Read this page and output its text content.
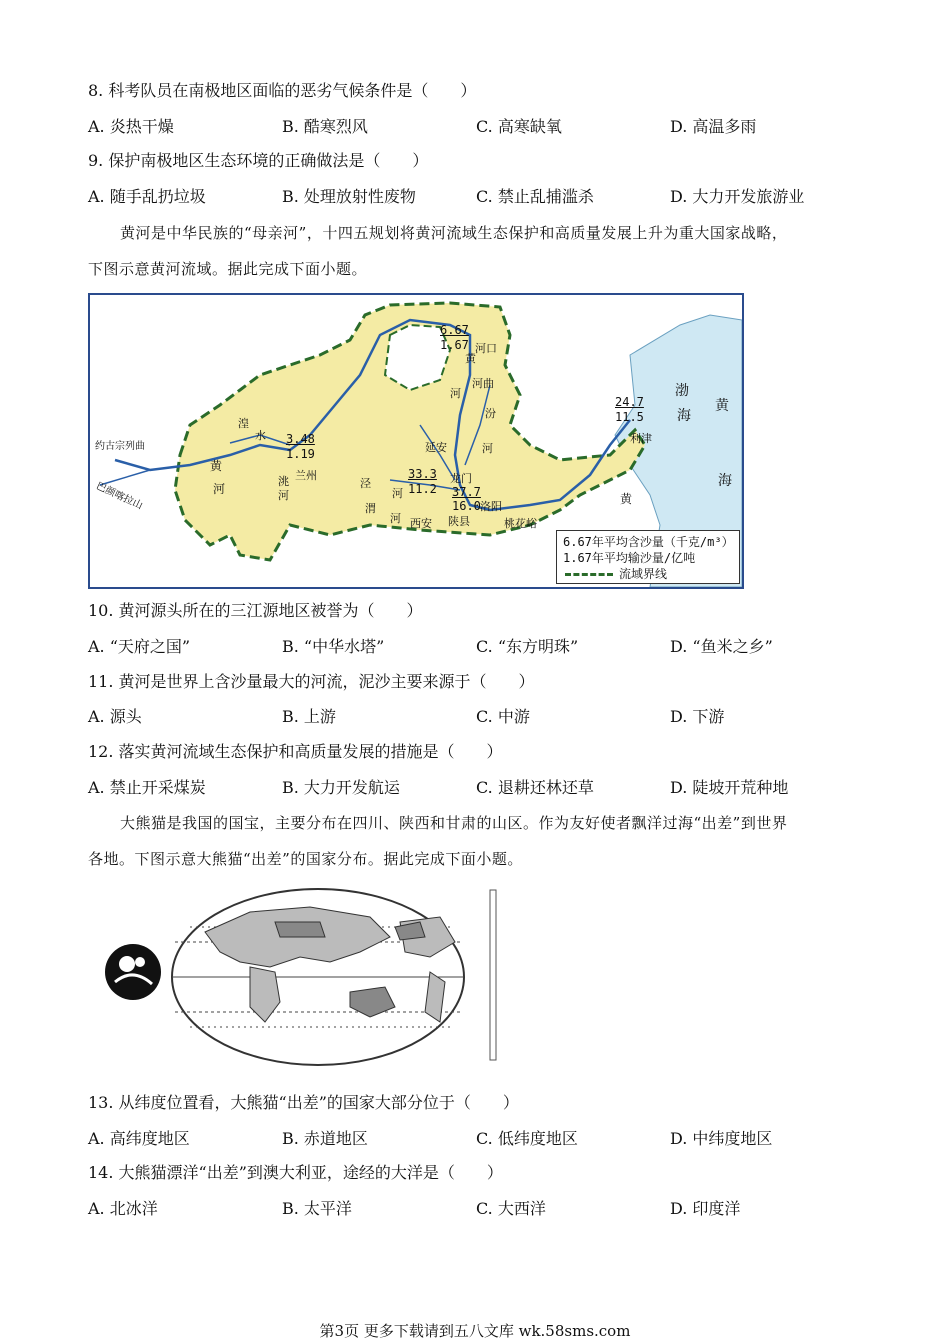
8. 科考队员在南极地区面临的恶劣气候条件是（　　）
A. 炎热干燥	B. 酷寒烈风	C. 高寒缺氧	D. 高温多雨
9. 保护南极地区生态环境的正确做法是（　　）
A. 随手乱扔垃圾	B. 处理放射性废物	C. 禁止乱捕滥杀	D. 大力开发旅游业
黄河是中华民族的“母亲河”，十四五规划将黄河流域生态保护和高质量发展上升为重大国家战略，
下图示意黄河流域。据此完成下面小题。
黄
河
河曲
汾
河
渤
海
黄
海
黄
黄
河
湟
水
洮
河
兰州
延安
龙门
洛阳
陕县
西安	桃花峪
利津
河口
泾
河
渭
河
约古宗列曲
巴颜喀拉山
6.67
1.67
3.48
1.19
33.3
11.2 37.7
16.0
24.7
11.5
6.67年平均含沙量（千克/m³）
1.67年平均输沙量/亿吨
流域界线
10. 黄河源头所在的三江源地区被誉为（　　）
A. “天府之国”	B. “中华水塔”	C. “东方明珠”	D. “鱼米之乡”
11. 黄河是世界上含沙量最大的河流，泥沙主要来源于（　　）
A. 源头	B. 上游	C. 中游	D. 下游
12. 落实黄河流域生态保护和高质量发展的措施是（　　）
A. 禁止开采煤炭	B. 大力开发航运	C. 退耕还林还草	D. 陡坡开荒种地
大熊猫是我国的国宝，主要分布在四川、陕西和甘肃的山区。作为友好使者飘洋过海“出差”到世界
各地。下图示意大熊猫“出差”的国家分布。据此完成下面小题。
13. 从纬度位置看，大熊猫“出差”的国家大部分位于（　　）
A. 高纬度地区	B. 赤道地区	C. 低纬度地区	D. 中纬度地区
14. 大熊猫漂洋“出差”到澳大利亚，途经的大洋是（　　）
A. 北冰洋	B. 太平洋	C. 大西洋	D. 印度洋
第3页 更多下载请到五八文库 wk.58sms.com
